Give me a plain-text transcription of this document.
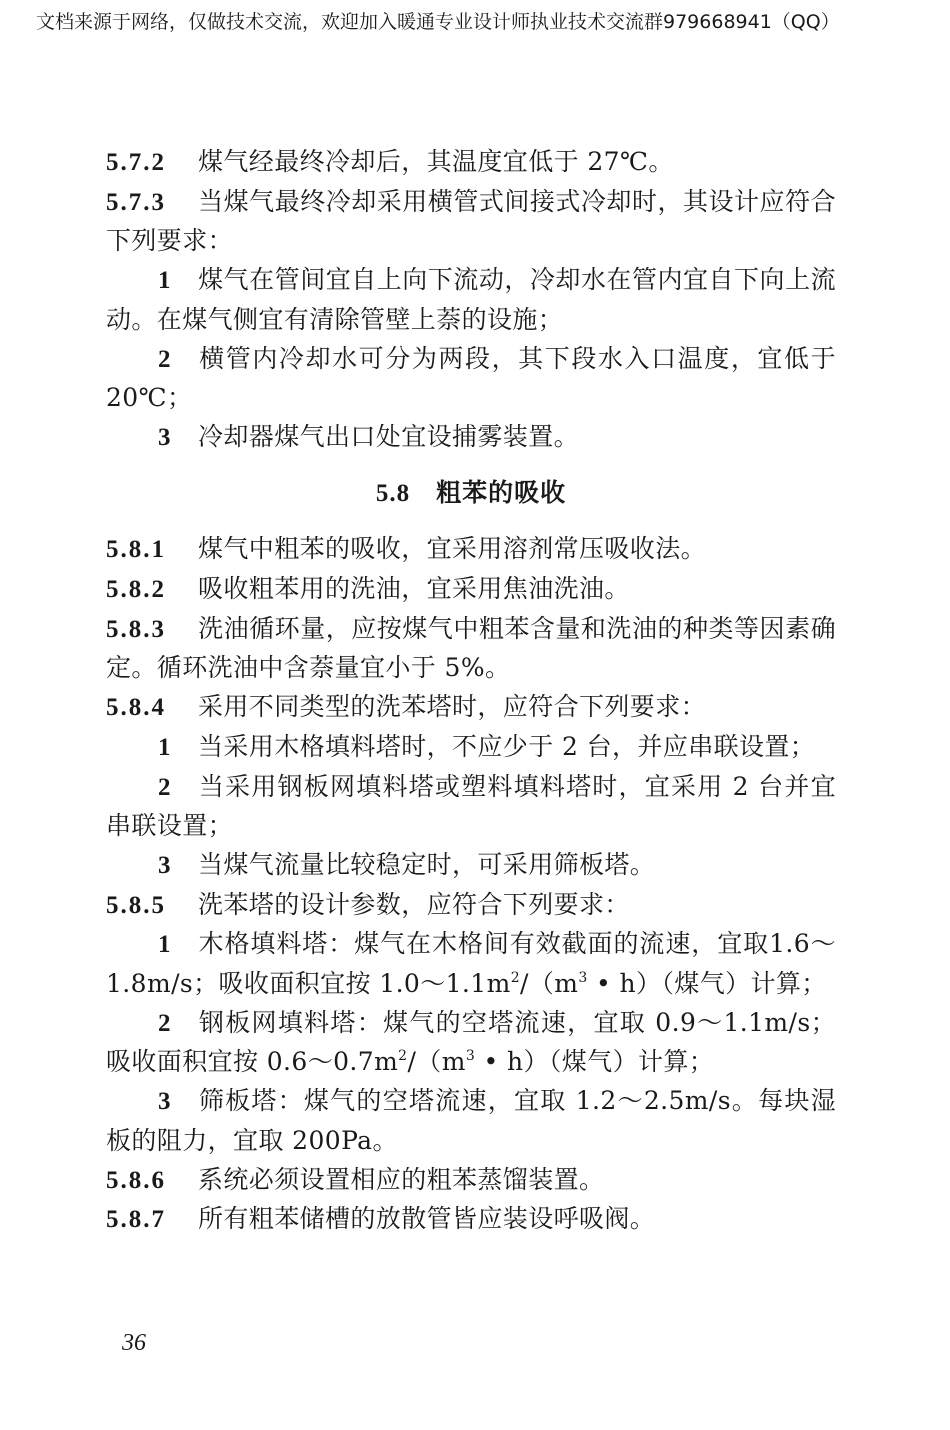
文档来源于网络，仅做技术交流，欢迎加入暖通专业设计师执业技术交流群979668941（QQ）

5.7.2 煤气经最终冷却后，其温度宜低于 27℃。

5.7.3 当煤气最终冷却采用横管式间接式冷却时，其设计应符合下列要求：

1 煤气在管间宜自上向下流动，冷却水在管内宜自下向上流动。在煤气侧宜有清除管壁上萘的设施；

2 横管内冷却水可分为两段，其下段水入口温度，宜低于 20℃；

3 冷却器煤气出口处宜设捕雾装置。

5.8 粗苯的吸收

5.8.1 煤气中粗苯的吸收，宜采用溶剂常压吸收法。

5.8.2 吸收粗苯用的洗油，宜采用焦油洗油。

5.8.3 洗油循环量，应按煤气中粗苯含量和洗油的种类等因素确定。循环洗油中含萘量宜小于 5%。

5.8.4 采用不同类型的洗苯塔时，应符合下列要求：

1 当采用木格填料塔时，不应少于 2 台，并应串联设置；

2 当采用钢板网填料塔或塑料填料塔时，宜采用 2 台并宜串联设置；

3 当煤气流量比较稳定时，可采用筛板塔。

5.8.5 洗苯塔的设计参数，应符合下列要求：

1 木格填料塔：煤气在木格间有效截面的流速，宜取1.6～1.8m/s；吸收面积宜按 $1.0\sim 1.1m^2/(m^3$ • h）（煤气）计算；

2 钢板网填料塔：煤气的空塔流速，宜取 0.9～1.1m/s；吸收面积宜按 $0.6\sim 0.7m^2/(m^3$ • h）（煤气）计算；

3 筛板塔：煤气的空塔流速，宜取 1.2～2.5m/s。每块湿板的阻力，宜取 200Pa。

5.8.6 系统必须设置相应的粗苯蒸馏装置。

5.8.7 所有粗苯储槽的放散管皆应装设呼吸阀。

36
